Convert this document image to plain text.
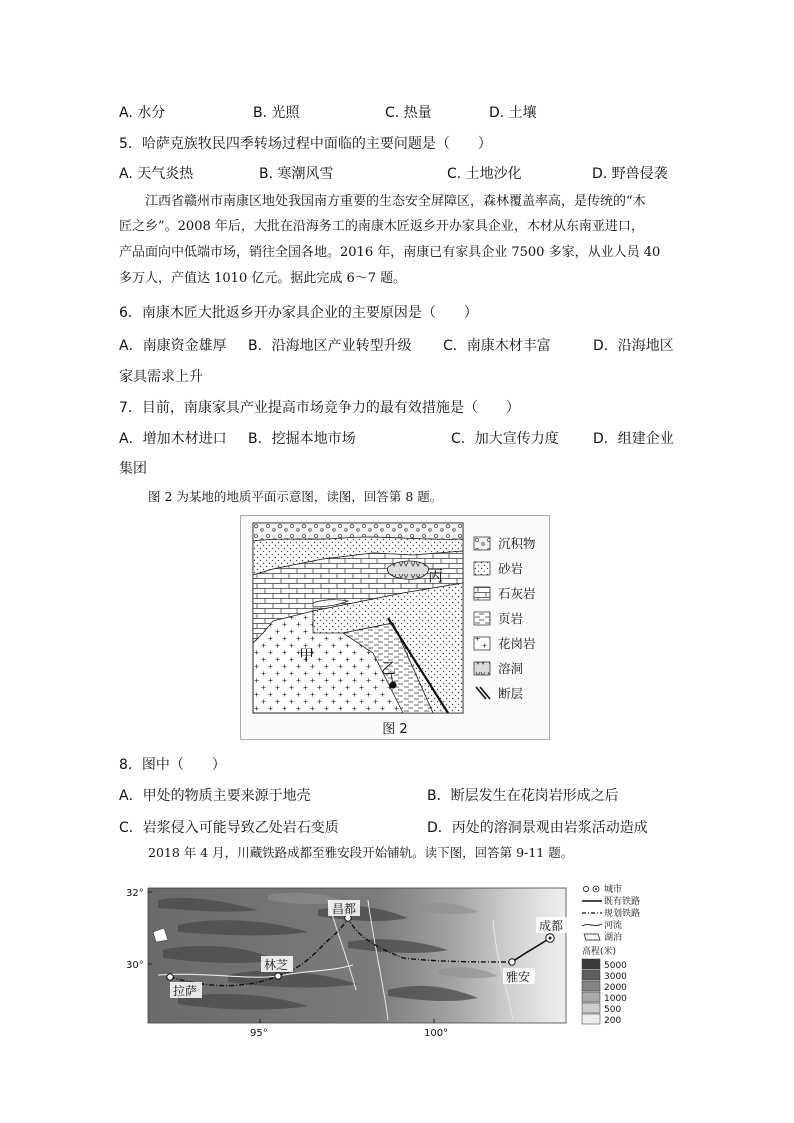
A. 水分	B. 光照	C. 热量	D. 土壤
5．哈萨克族牧民四季转场过程中面临的主要问题是（　　）
A. 天气炎热	B. 寒潮风雪	C. 土地沙化	D. 野兽侵袭
江西省赣州市南康区地处我国南方重要的生态安全屏障区，森林覆盖率高，是传统的“木
匠之乡”。2008 年后，大批在沿海务工的南康木匠返乡开办家具企业，木材从东南亚进口，
产品面向中低端市场，销往全国各地。2016 年，南康已有家具企业 7500 多家，从业人员 40
多万人，产值达 1010 亿元。据此完成 6～7 题。
6．南康木匠大批返乡开办家具企业的主要原因是（　　）
A．南康资金雄厚 B．沿海地区产业转型升级 C．南康木材丰富	D．沿海地区
家具需求上升
7．目前，南康家具产业提高市场竞争力的最有效措施是（　　）
A．增加木材进口 B．挖掘本地市场	C．加大宣传力度 D．组建企业
集团
图 2 为某地的地质平面示意图，读图，回答第 8 题。
甲
乙
丙
沉积物
砂岩
石灰岩
页岩
花岗岩
溶洞
断层
图 2
8．图中（　　）
A．甲处的物质主要来源于地壳	B．断层发生在花岗岩形成之后
C．岩浆侵入可能导致乙处岩石变质	D．丙处的溶洞景观由岩浆活动造成
2018 年 4 月，川藏铁路成都至雅安段开始铺轨。读下图，回答第 9-11 题。
昌都
成都
拉萨
林芝
雅安
32°
30°
95°	100°
城市
既有铁路
规划铁路
河流
湖泊
高程(米)
5000
3000
2000
1000
500
200
